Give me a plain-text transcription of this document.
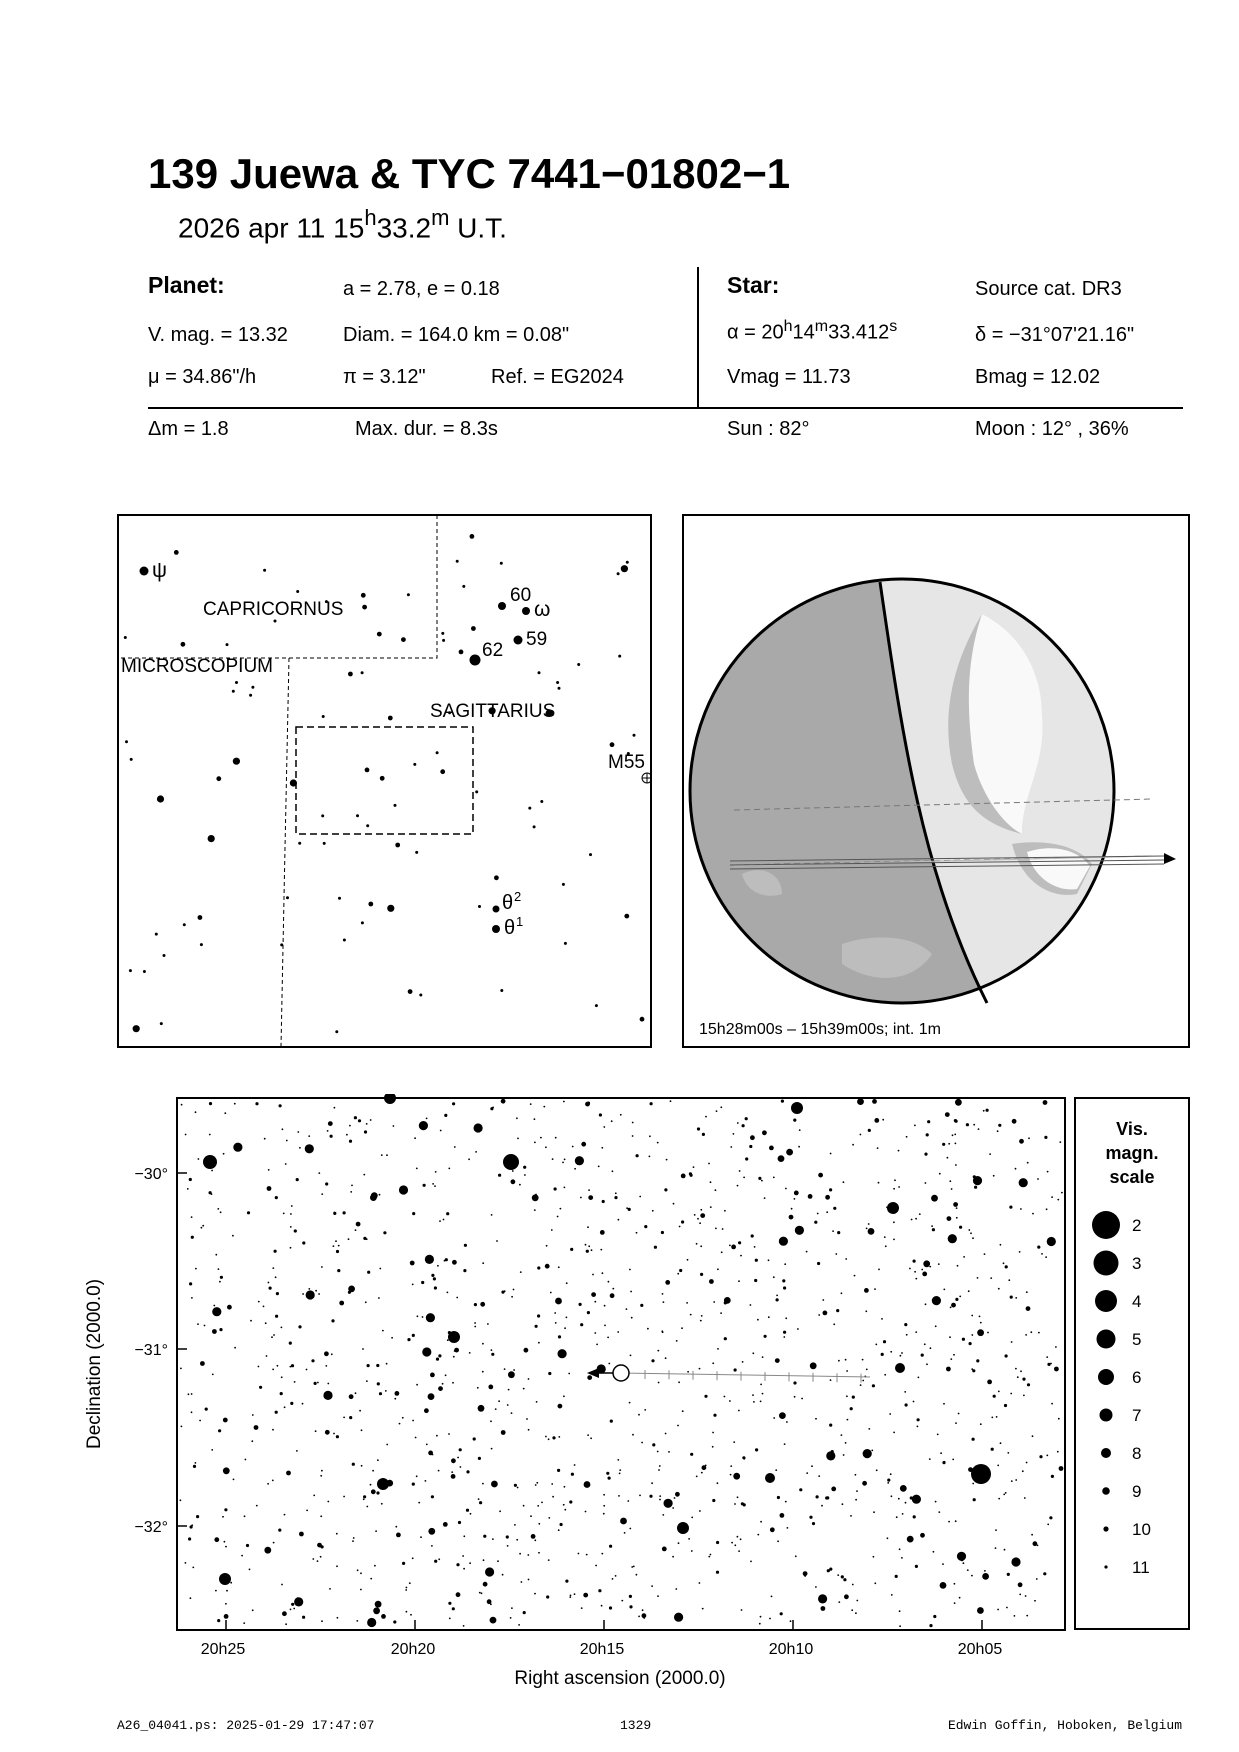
139 Juewa & TYC 7441−01802−1
2026 apr 11 15$^h$33.2$^m$ U.T.
Planet:	a = 2.78, e = 0.18	Star:	Source cat. DR3
V. mag. = 13.32	Diam. = 164.0 km = 0.08"	$\alpha = 20^h14^m33.412^s$	δ = −31°07'21.16"
μ = 34.86"/h	π = 3.12"	Ref. = EG2024	Vmag = 11.73	Bmag = 12.02
Δm = 1.8	Max. dur. = 8.3s	Sun : 82°	Moon : 12° , 36%
ψ
CAPRICORNUS
MICROSCOPIUM
SAGITTARIUS
60
ω
59
62
M55
θ 2
θ 1
15h28m00s – 15h39m00s; int. 1m
−30°
−31°
−32°
20h25	20h20	20h15	20h10	20h05
Right ascension (2000.0)
Declination (2000.0)
Vis.
magn.
scale
2
3
4
5
6
7
8
9
10
11
A26_04041.ps: 2025-01-29 17:47:07	1329	Edwin Goffin, Hoboken, Belgium
